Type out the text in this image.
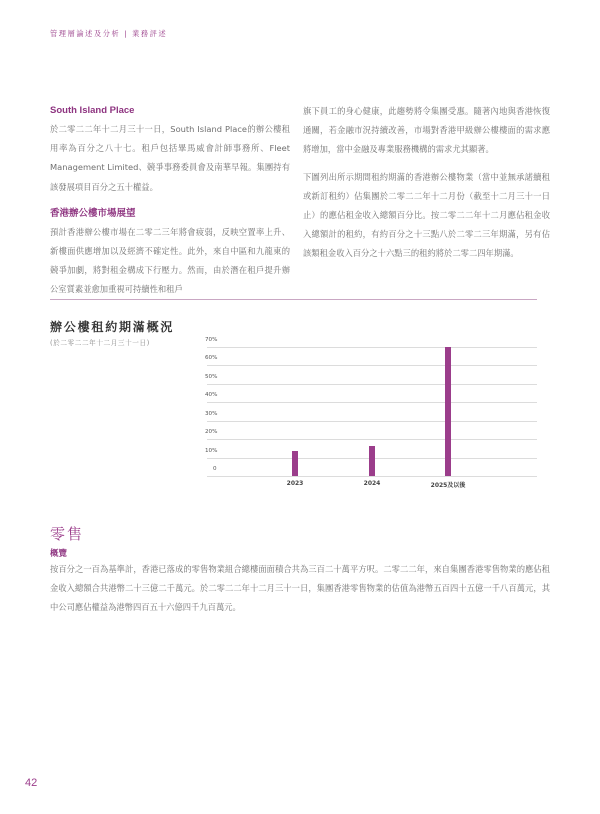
管理層論述及分析 | 業務評述
South Island Place

於二零二二年十二月三十一日，South Island Place的辦公樓租用率為百分之八十七。租戶包括畢馬威會計師事務所、Fleet Management Limited、競爭事務委員會及南華早報。集團持有該發展項目百分之五十權益。

香港辦公樓市場展望

預計香港辦公樓市場在二零二三年將會疲弱，反映空置率上升、新樓面供應增加以及經濟不確定性。此外，來自中區和九龍東的競爭加劇，將對租金構成下行壓力。然而，由於潛在租戶提升辦公室質素並愈加重視可持續性和租戶

旗下員工的身心健康，此趨勢將令集團受惠。隨著內地與香港恢復通關，若金融市況持續改善，市場對香港甲級辦公樓樓面的需求應將增加，當中金融及專業服務機構的需求尤其顯著。

下圖列出所示期間租約期滿的香港辦公樓物業（當中並無承諾續租或新訂租約）佔集團於二零二二年十二月份（截至十二月三十一日止）的應佔租金收入總額百分比。按二零二二年十二月應佔租金收入總額計的租約，有約百分之十三點八於二零二三年期滿，另有佔該類租金收入百分之十六點三的租約將於二零二四年期滿。

辦公樓租約期滿概況
(於二零二二年十二月三十一日)
0
10%
20%
30%
40%
50%
60%
70%
2023	2024	2025及以後
零售
概覽
按百分之一百為基準計，香港已落成的零售物業組合總樓面面積合共為三百二十萬平方呎。二零二二年，來自集團香港零售物業的應佔租金收入總額合共港幣二十三億二千萬元。於二零二二年十二月三十一日，集團香港零售物業的估值為港幣五百四十五億一千八百萬元，其中公司應佔權益為港幣四百五十六億四千九百萬元。
42
